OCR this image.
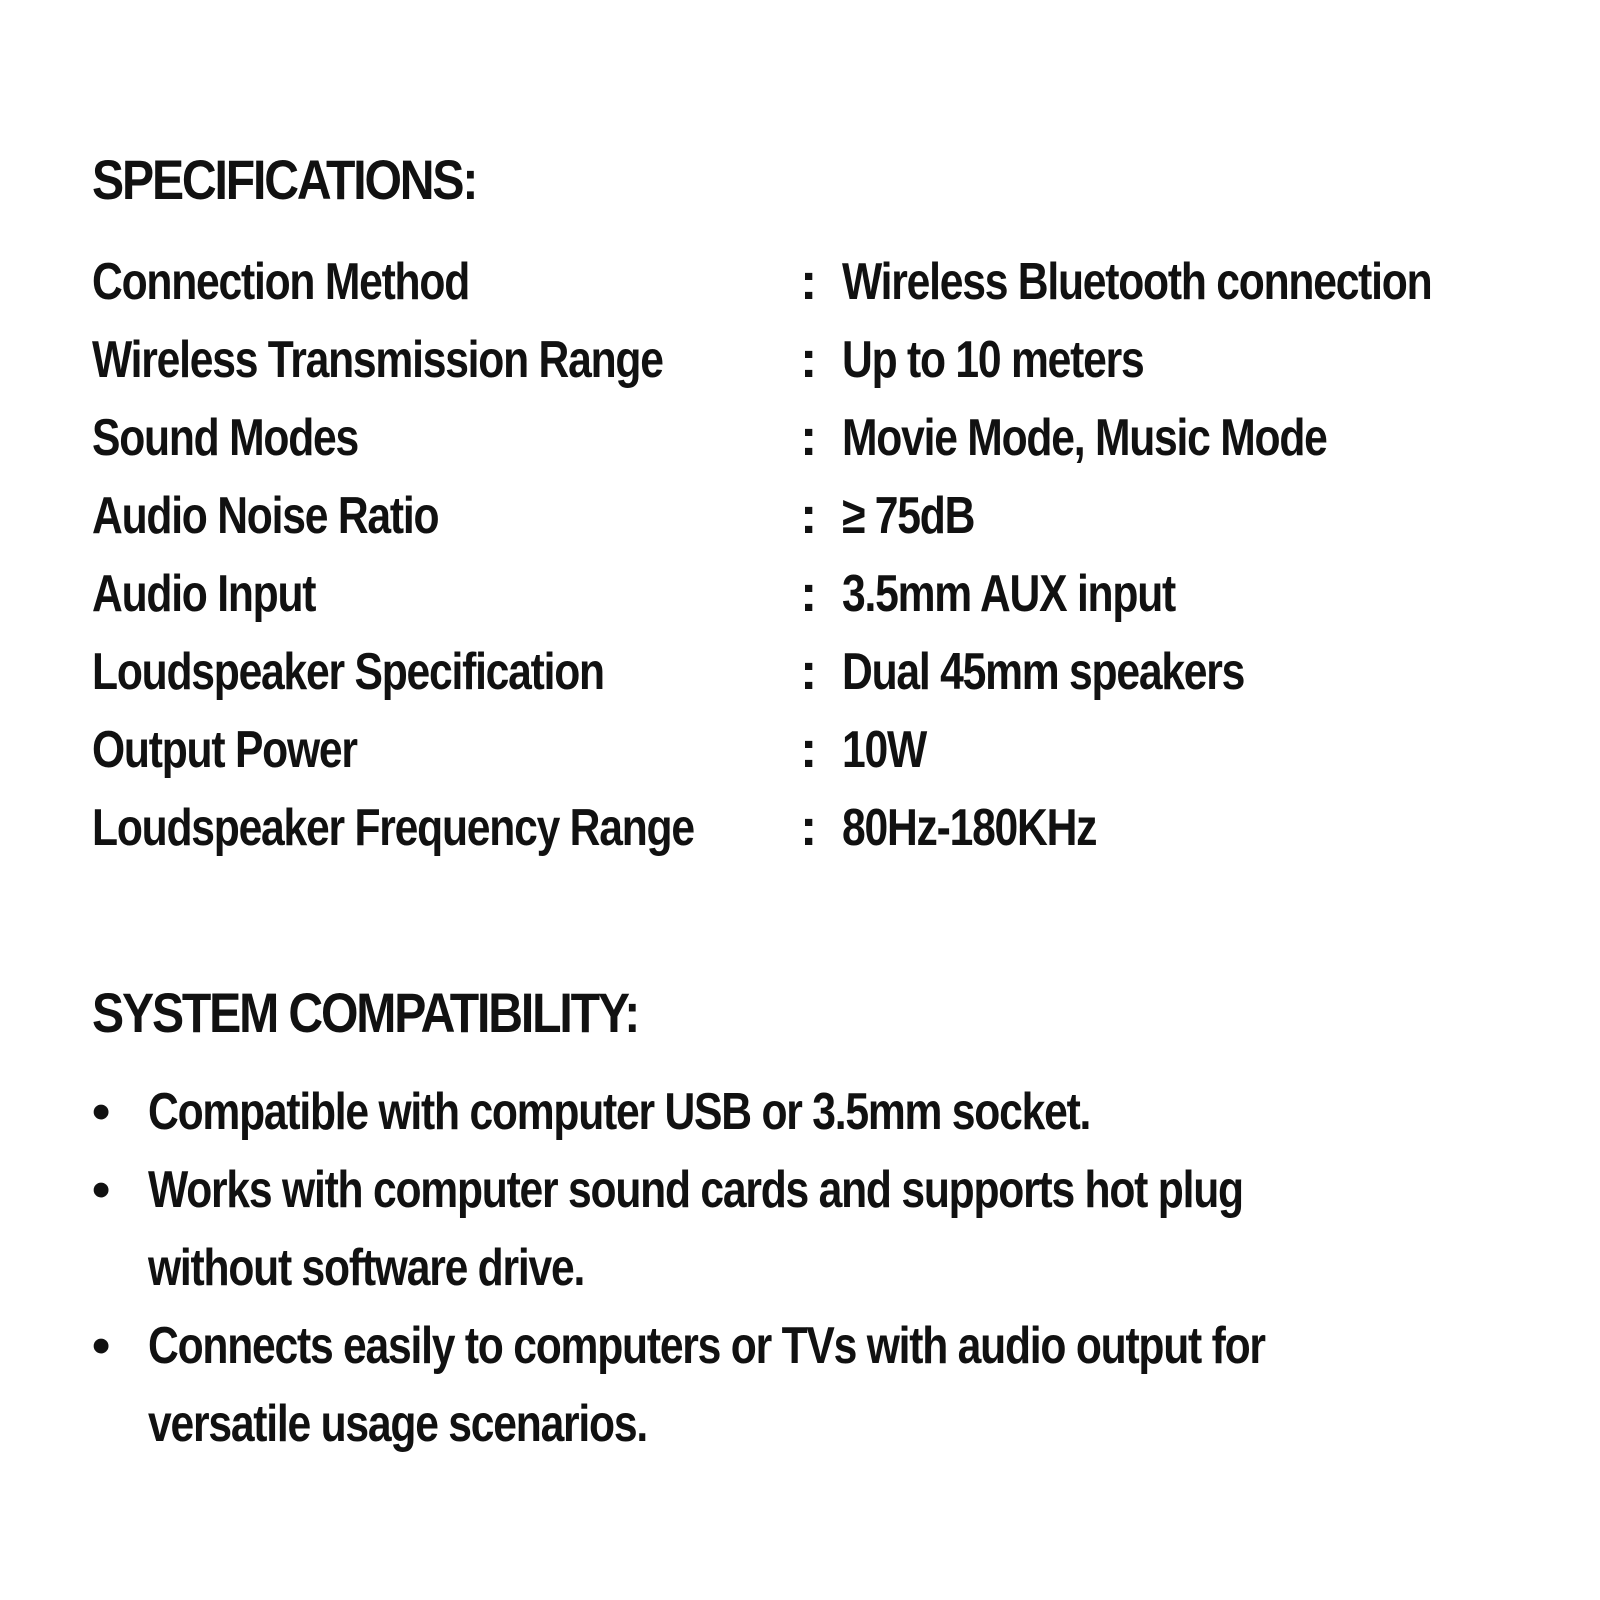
SPECIFICATIONS:
Connection Method	: Wireless Bluetooth connection
Wireless Transmission Range	: Up to 10 meters
Sound Modes	: Movie Mode, Music Mode
Audio Noise Ratio	: ≥ 75dB
Audio Input	: 3.5mm AUX input
Loudspeaker Specification	: Dual 45mm speakers
Output Power	: 10W
Loudspeaker Frequency Range : 80Hz-180KHz
SYSTEM COMPATIBILITY:
• Compatible with computer USB or 3.5mm socket.
• Works with computer sound cards and supports hot plug
without software drive.
• Connects easily to computers or TVs with audio output for
versatile usage scenarios.
